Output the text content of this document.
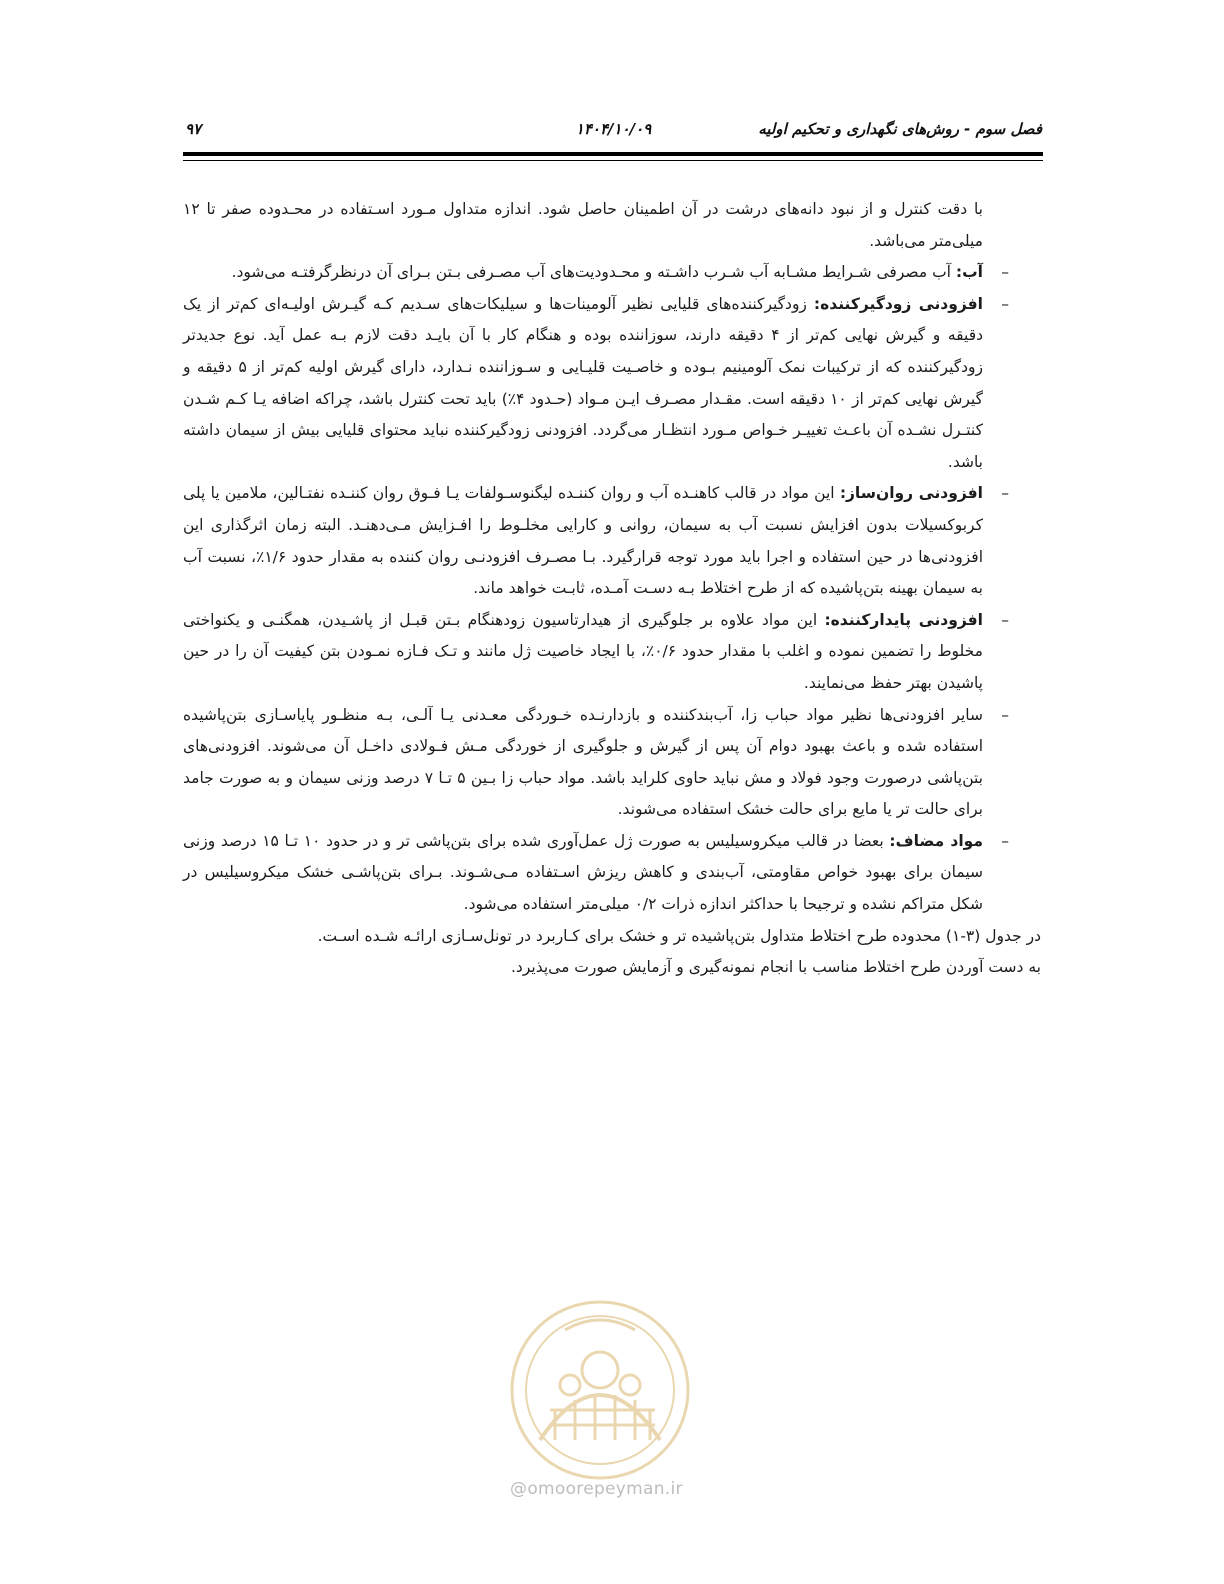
فصل سوم - روش‌های نگهداری و تحکیم اولیه
۱۴۰۴/۱۰/۰۹
۹۷

با دقت کنترل و از نبود دانه‌های درشت در آن اطمینان حاصل شود. اندازه متداول مـورد اسـتفاده در محـدوده صفر تا ۱۲ میلی‌متر می‌باشد.

–
آب: آب مصرفی شـرایط مشـابه آب شـرب داشـته و محـدودیت‌های آب مصـرفی بـتن بـرای آن درنظرگرفتـه می‌شود.

–
افزودنی زودگیرکننده: زودگیرکننده‌های قلیایی نظیر آلومینات‌ها و سیلیکات‌های سـدیم کـه گیـرش اولیـه‌ای کم‌تر از یک دقیقه و گیرش نهایی کم‌تر از ۴ دقیقه دارند، سوزاننده بوده و هنگام کار با آن بایـد دقت لازم بـه عمل آید. نوع جدیدتر زودگیرکننده که از ترکیبات نمک آلومینیم بـوده و خاصـیت قلیـایی و سـوزاننده نـدارد، دارای گیرش اولیه کم‌تر از ۵ دقیقه و گیرش نهایی کم‌تر از ۱۰ دقیقه است. مقـدار مصـرف ایـن مـواد (حـدود ۴٪) باید تحت کنترل باشد، چراکه اضافه یـا کـم شـدن کنتـرل نشـده آن باعـث تغییـر خـواص مـورد انتظـار می‌گردد. افزودنی زودگیرکننده نباید محتوای قلیایی بیش از سیمان داشته باشد.

–
افزودنی روان‌ساز: این مواد در قالب کاهنـده آب و روان کننـده لیگنوسـولفات یـا فـوق روان کننـده نفتـالین، ملامین یا پلی کربوکسیلات بدون افزایش نسبت آب به سیمان، روانی و کارایی مخلـوط را افـزایش مـی‌دهنـد. البته زمان اثرگذاری این افزودنی‌ها در حین استفاده و اجرا باید مورد توجه قرارگیرد. بـا مصـرف افزودنـی روان کننده به مقدار حدود ۱/۶٪، نسبت آب به سیمان بهینه بتن‌پاشیده که از طرح اختلاط بـه دسـت آمـده، ثابـت خواهد ماند.

–
افزودنی پایدارکننده: این مواد علاوه بر جلوگیری از هیدارتاسیون زودهنگام بـتن قبـل از پاشـیدن، همگنـی و یکنواختی مخلوط را تضمین نموده و اغلب با مقدار حدود ۰/۶٪، با ایجاد خاصیت ژل مانند و تـک فـازه نمـودن بتن کیفیت آن را در حین پاشیدن بهتر حفظ می‌نمایند.

–
سایر افزودنی‌ها نظیر مواد حباب زا، آب‌بندکننده و بازدارنـده خـوردگی معـدنی یـا آلـی، بـه منظـور پایاسـازی بتن‌پاشیده استفاده شده و باعث بهبود دوام آن پس از گیرش و جلوگیری از خوردگی مـش فـولادی داخـل آن می‌شوند. افزودنی‌های بتن‌پاشی درصورت وجود فولاد و مش نباید حاوی کلراید باشد. مواد حباب زا بـین ۵ تـا ۷ درصد وزنی سیمان و به صورت جامد برای حالت تر یا مایع برای حالت خشک استفاده می‌شوند.

–
مواد مضاف: بعضا در قالب میکروسیلیس به صورت ژل عمل‌آوری شده برای بتن‌پاشی تر و در حدود ۱۰ تـا ۱۵ درصد وزنی سیمان برای بهبود خواص مقاومتی، آب‌بندی و کاهش ریزش اسـتفاده مـی‌شـوند. بـرای بتن‌پاشـی خشک میکروسیلیس در شکل متراکم نشده و ترجیحا با حداکثر اندازه ذرات ۰/۲ میلی‌متر استفاده می‌شود.

در جدول (۳-۱) محدوده طرح اختلاط متداول بتن‌پاشیده تر و خشک برای کـاربرد در تونل‌سـازی ارائـه شـده اسـت.
به دست آوردن طرح اختلاط مناسب با انجام نمونه‌گیری و آزمایش صورت می‌پذیرد.

@omoorepeyman.ir
